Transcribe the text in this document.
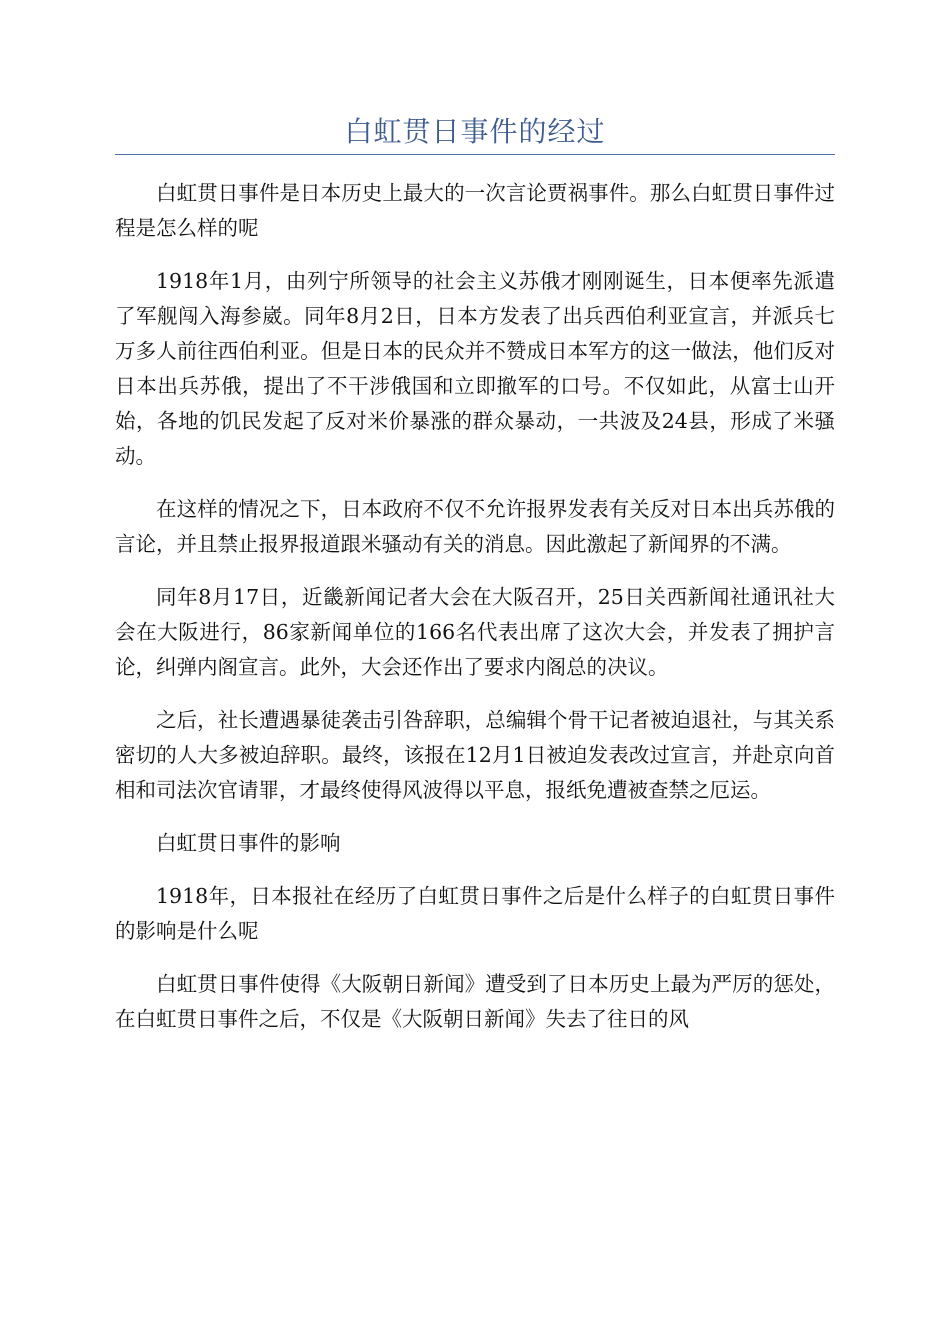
白虹贯日事件的经过

白虹贯日事件是日本历史上最大的一次言论贾祸事件。那么白虹贯日事件过程是怎么样的呢

1918年1月，由列宁所领导的社会主义苏俄才刚刚诞生，日本便率先派遣了军舰闯入海参崴。同年8月2日，日本方发表了出兵西伯利亚宣言，并派兵七万多人前往西伯利亚。但是日本的民众并不赞成日本军方的这一做法，他们反对日本出兵苏俄，提出了不干涉俄国和立即撤军的口号。不仅如此，从富士山开始，各地的饥民发起了反对米价暴涨的群众暴动，一共波及24县，形成了米骚动。

在这样的情况之下，日本政府不仅不允许报界发表有关反对日本出兵苏俄的言论，并且禁止报界报道跟米骚动有关的消息。因此激起了新闻界的不满。

同年8月17日，近畿新闻记者大会在大阪召开，25日关西新闻社通讯社大会在大阪进行，86家新闻单位的166名代表出席了这次大会，并发表了拥护言论，纠弹内阁宣言。此外，大会还作出了要求内阁总的决议。

之后，社长遭遇暴徒袭击引咎辞职，总编辑个骨干记者被迫退社，与其关系密切的人大多被迫辞职。最终，该报在12月1日被迫发表改过宣言，并赴京向首相和司法次官请罪，才最终使得风波得以平息，报纸免遭被查禁之厄运。

白虹贯日事件的影响

1918年，日本报社在经历了白虹贯日事件之后是什么样子的白虹贯日事件的影响是什么呢

白虹贯日事件使得《大阪朝日新闻》遭受到了日本历史上最为严厉的惩处，在白虹贯日事件之后，不仅是《大阪朝日新闻》失去了往日的风
